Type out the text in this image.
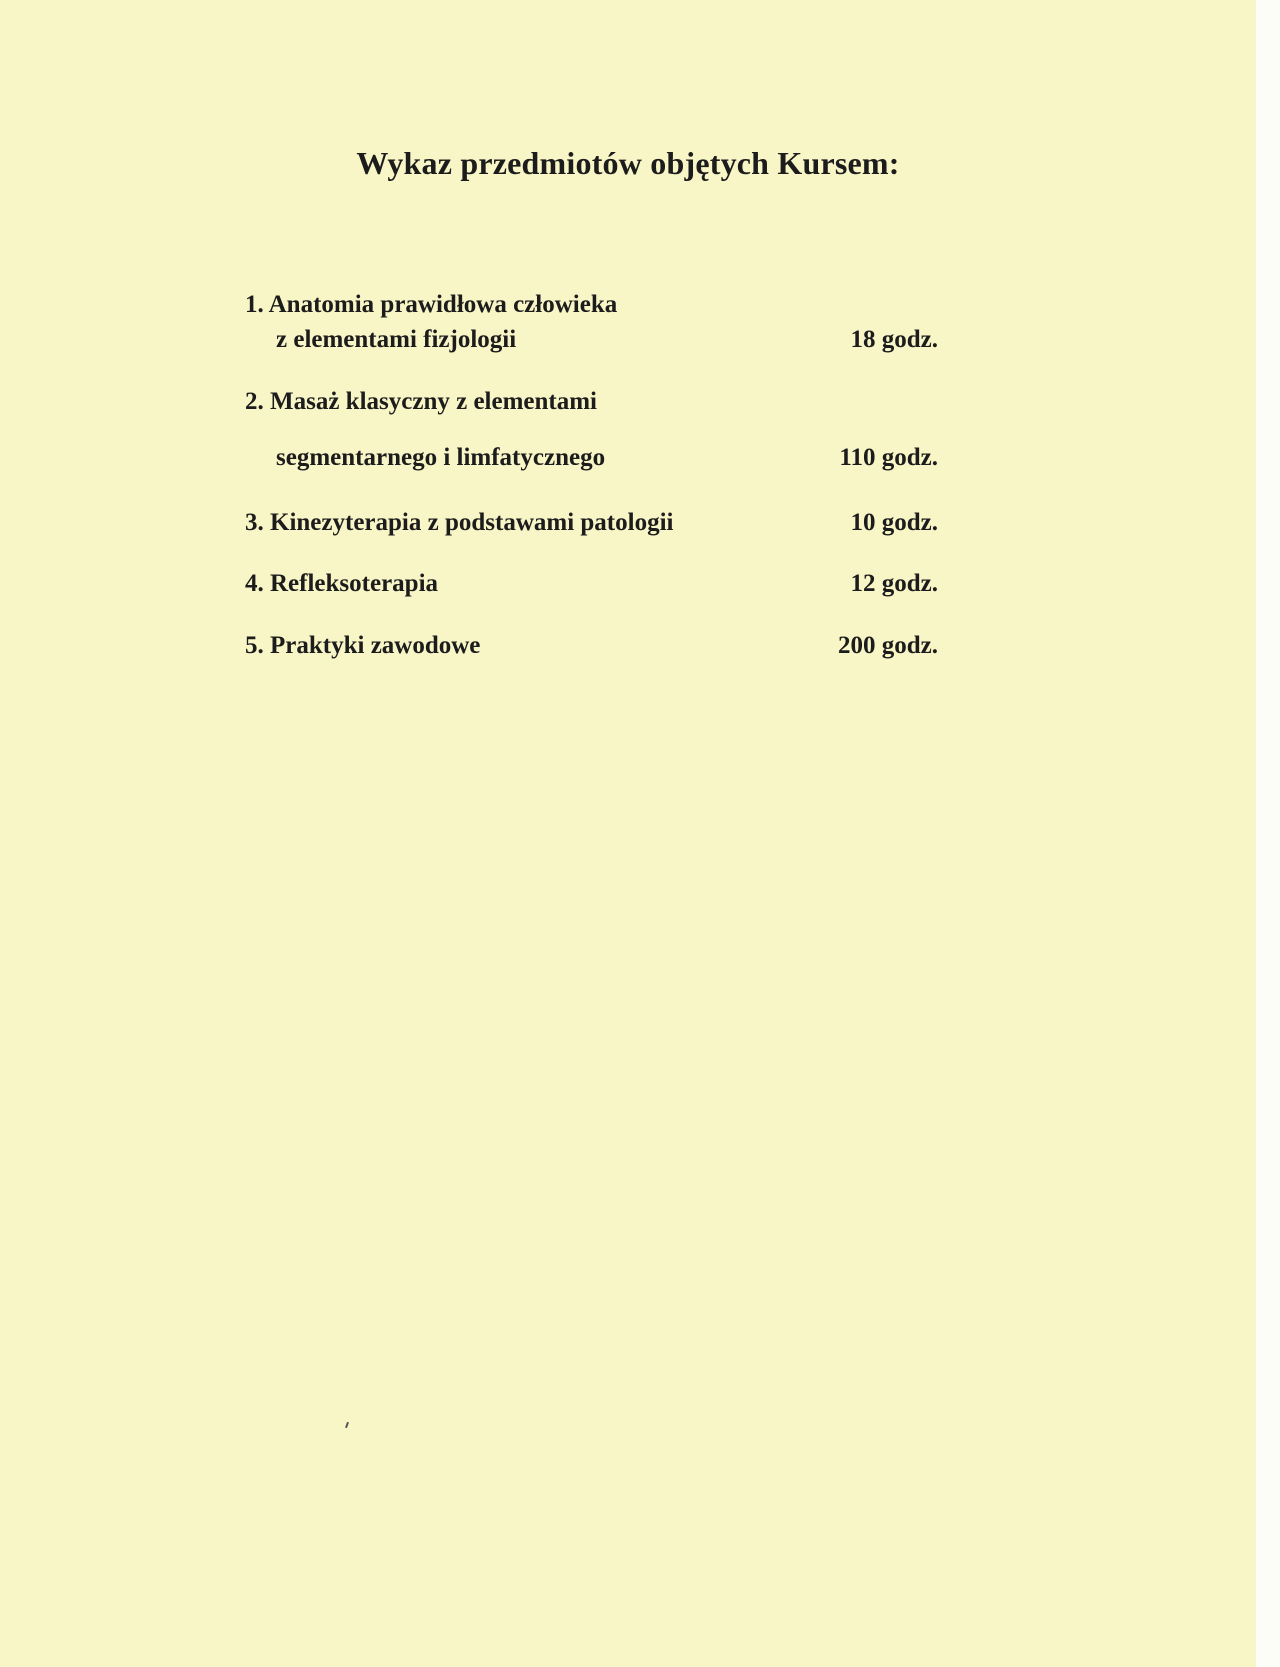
Wykaz przedmiotów objętych Kursem:
1. Anatomia prawidłowa człowieka
z elementami fizjologii	18 godz.
2. Masaż klasyczny z elementami
segmentarnego i limfatycznego	110 godz.
3. Kinezyterapia z podstawami patologii	10 godz.
4. Refleksoterapia	12 godz.
5. Praktyki zawodowe	200 godz.
